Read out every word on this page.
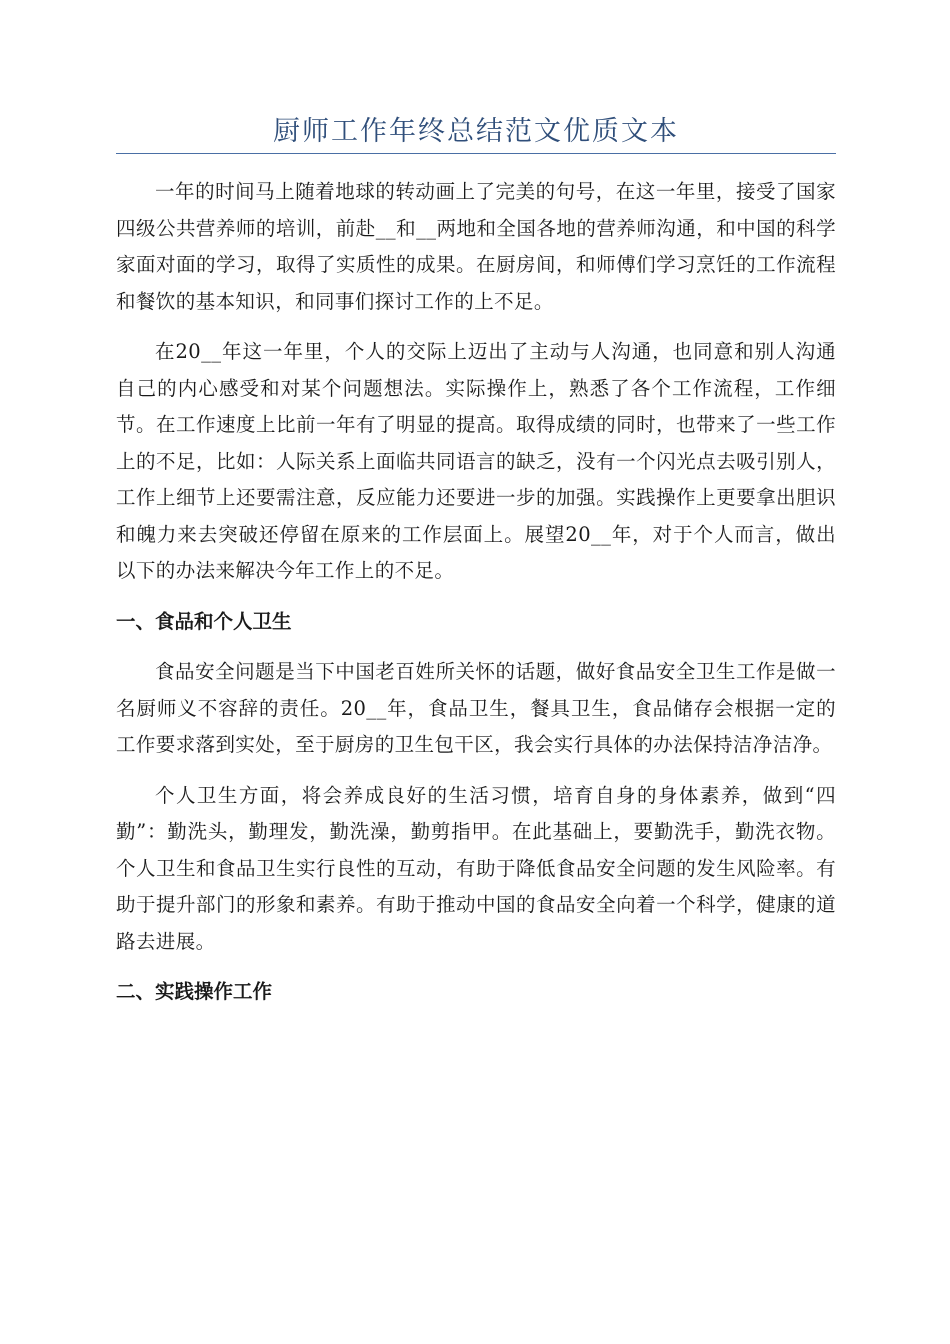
厨师工作年终总结范文优质文本

一年的时间马上随着地球的转动画上了完美的句号，在这一年里，接受了国家四级公共营养师的培训，前赴__和__两地和全国各地的营养师沟通，和中国的科学家面对面的学习，取得了实质性的成果。在厨房间，和师傅们学习烹饪的工作流程和餐饮的基本知识，和同事们探讨工作的上不足。

在20__年这一年里，个人的交际上迈出了主动与人沟通，也同意和别人沟通自己的内心感受和对某个问题想法。实际操作上，熟悉了各个工作流程，工作细节。在工作速度上比前一年有了明显的提高。取得成绩的同时，也带来了一些工作上的不足，比如：人际关系上面临共同语言的缺乏，没有一个闪光点去吸引别人，工作上细节上还要需注意，反应能力还要进一步的加强。实践操作上更要拿出胆识和魄力来去突破还停留在原来的工作层面上。展望20__年，对于个人而言，做出以下的办法来解决今年工作上的不足。

一、食品和个人卫生

食品安全问题是当下中国老百姓所关怀的话题，做好食品安全卫生工作是做一名厨师义不容辞的责任。20__年，食品卫生，餐具卫生，食品储存会根据一定的工作要求落到实处，至于厨房的卫生包干区，我会实行具体的办法保持洁净洁净。

个人卫生方面，将会养成良好的生活习惯，培育自身的身体素养，做到“四勤”：勤洗头，勤理发，勤洗澡，勤剪指甲。在此基础上，要勤洗手，勤洗衣物。个人卫生和食品卫生实行良性的互动，有助于降低食品安全问题的发生风险率。有助于提升部门的形象和素养。有助于推动中国的食品安全向着一个科学，健康的道路去进展。

二、实践操作工作
